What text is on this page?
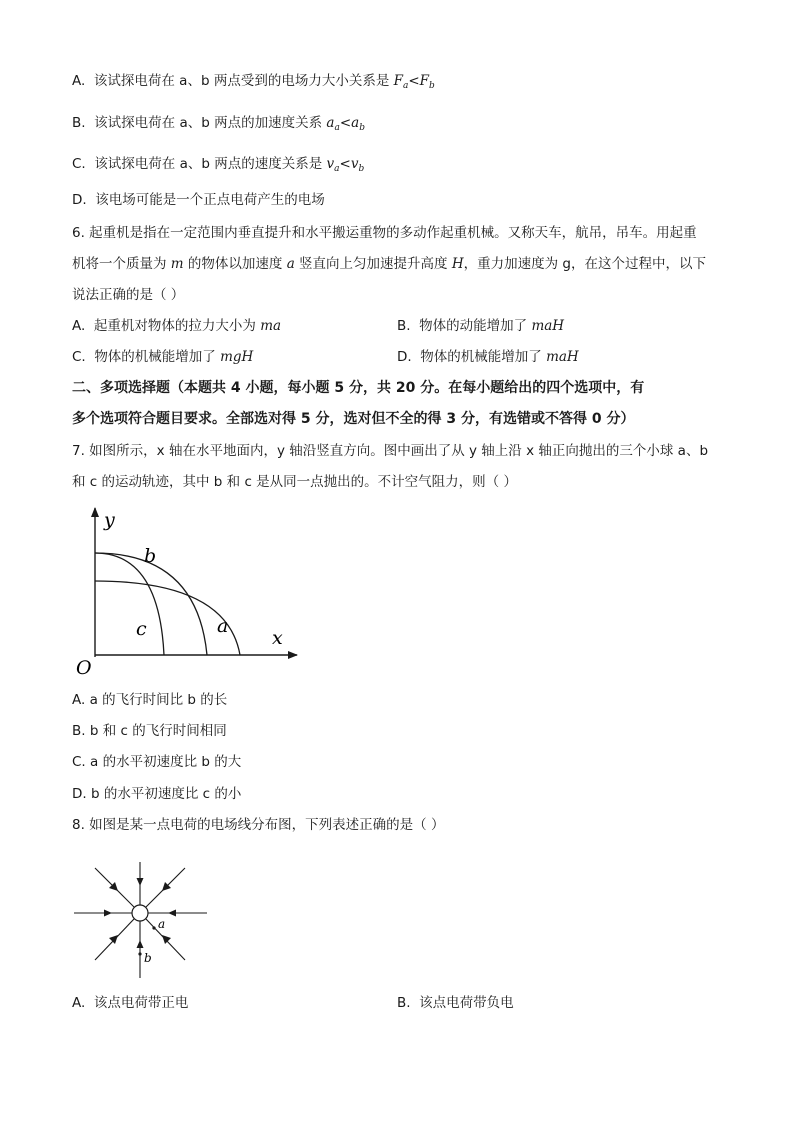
A. 该试探电荷在 a、b 两点受到的电场力大小关系是 $F_a<F_b$
B. 该试探电荷在 a、b 两点的加速度关系 $a_a<a_b$
C. 该试探电荷在 a、b 两点的速度关系是 $v_a<v_b$
D. 该电场可能是一个正点电荷产生的电场
6. 起重机是指在一定范围内垂直提升和水平搬运重物的多动作起重机械。又称天车，航吊，吊车。用起重
机将一个质量为 m 的物体以加速度 a 竖直向上匀加速提升高度 H，重力加速度为 g，在这个过程中，以下
说法正确的是（ ）
A. 起重机对物体的拉力大小为 ma	B. 物体的动能增加了 maH
C. 物体的机械能增加了 mgH	D. 物体的机械能增加了 maH
二、多项选择题（本题共 4 小题，每小题 5 分，共 20 分。在每小题给出的四个选项中，有
多个选项符合题目要求。全部选对得 5 分，选对但不全的得 3 分，有选错或不答得 0 分）
7. 如图所示，x 轴在水平地面内，y 轴沿竖直方向。图中画出了从 y 轴上沿 x 轴正向抛出的三个小球 a、b
和 c 的运动轨迹，其中 b 和 c 是从同一点抛出的。不计空气阻力，则（ ）
y
x
O
b
c	a
A. a 的飞行时间比 b 的长
B. b 和 c 的飞行时间相同
C. a 的水平初速度比 b 的大
D. b 的水平初速度比 c 的小
8. 如图是某一点电荷的电场线分布图，下列表述正确的是（ ）
a
b
A. 该点电荷带正电	B. 该点电荷带负电
